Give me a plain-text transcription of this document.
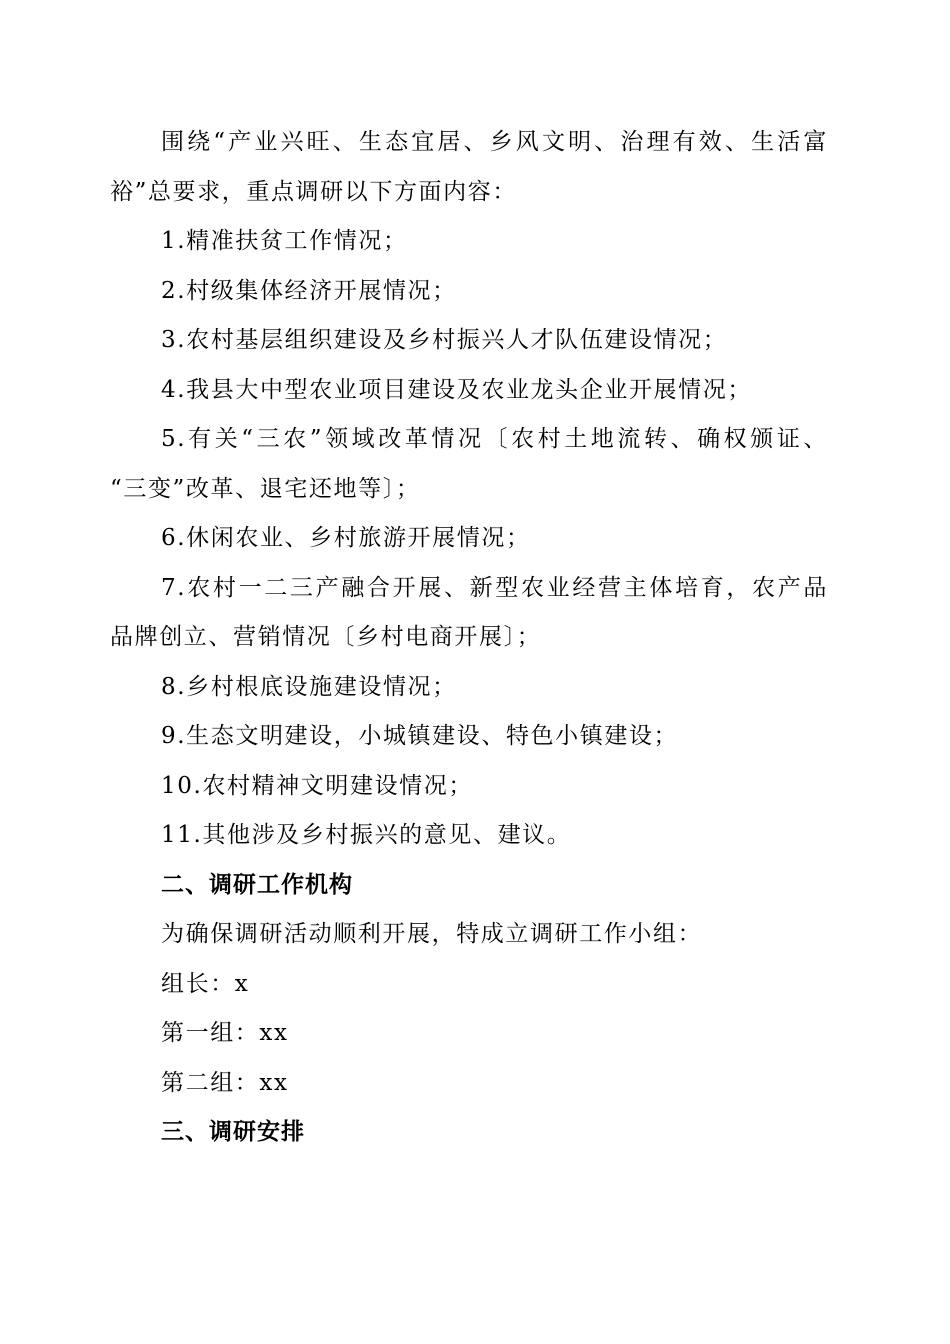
围绕“产业兴旺、生态宜居、乡风文明、治理有效、生活富
裕”总要求，重点调研以下方面内容：
1.精准扶贫工作情况；
2.村级集体经济开展情况；
3.农村基层组织建设及乡村振兴人才队伍建设情况；
4.我县大中型农业项目建设及农业龙头企业开展情况；
5.有关“三农”领域改革情况〔农村土地流转、确权颁证、
“三变”改革、退宅还地等〕；
6.休闲农业、乡村旅游开展情况；
7.农村一二三产融合开展、新型农业经营主体培育，农产品
品牌创立、营销情况〔乡村电商开展〕；
8.乡村根底设施建设情况；
9.生态文明建设，小城镇建设、特色小镇建设；
10.农村精神文明建设情况；
11.其他涉及乡村振兴的意见、建议。
二、调研工作机构
为确保调研活动顺利开展，特成立调研工作小组：
组长：x
第一组：xx
第二组：xx
三、调研安排
